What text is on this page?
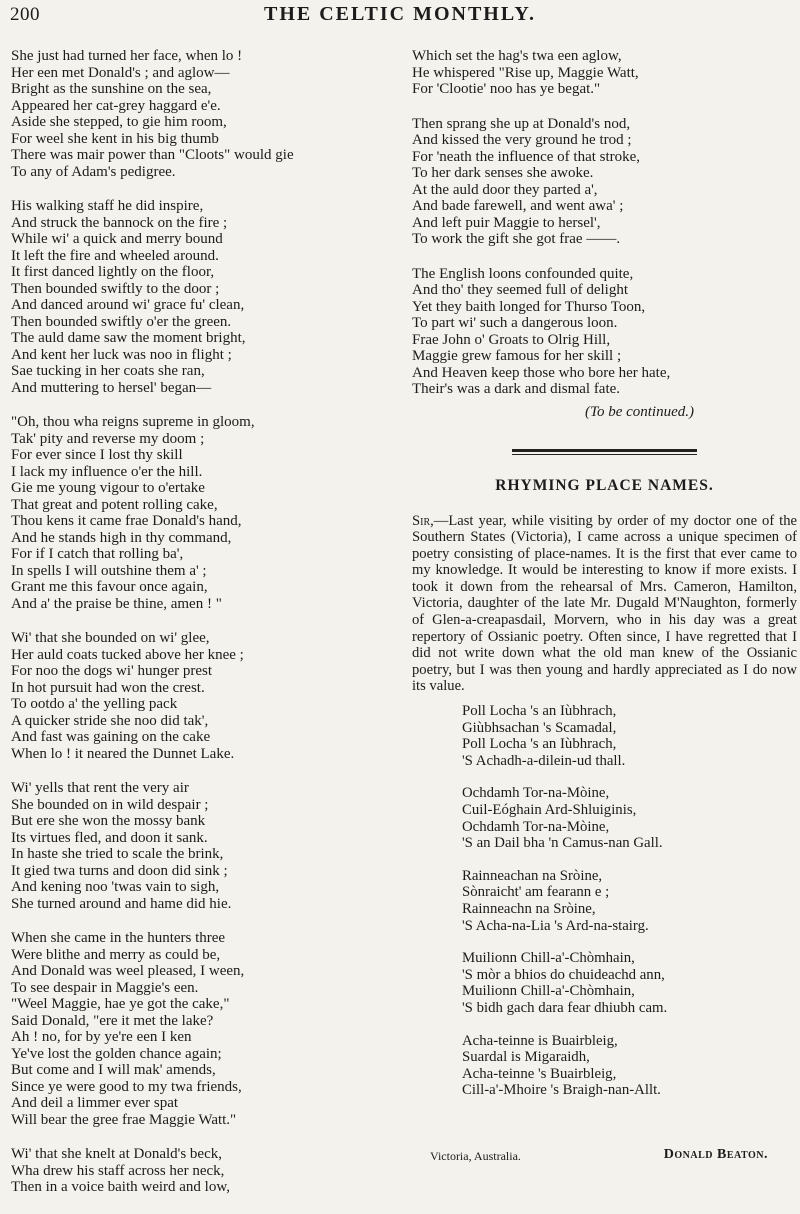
200	THE CELTIC MONTHLY.
She just had turned her face, when lo !
Her een met Donald's ; and aglow—
Bright as the sunshine on the sea,
Appeared her cat-grey haggard e'e.
Aside she stepped, to gie him room,
For weel she kent in his big thumb
There was mair power than "Cloots" would gie
To any of Adam's pedigree.
His walking staff he did inspire,
And struck the bannock on the fire ;
While wi' a quick and merry bound
It left the fire and wheeled around.
It first danced lightly on the floor,
Then bounded swiftly to the door ;
And danced around wi' grace fu' clean,
Then bounded swiftly o'er the green.
The auld dame saw the moment bright,
And kent her luck was noo in flight ;
Sae tucking in her coats she ran,
And muttering to hersel' began—
"Oh, thou wha reigns supreme in gloom,
Tak' pity and reverse my doom ;
For ever since I lost thy skill
I lack my influence o'er the hill.
Gie me young vigour to o'ertake
That great and potent rolling cake,
Thou kens it came frae Donald's hand,
And he stands high in thy command,
For if I catch that rolling ba',
In spells I will outshine them a' ;
Grant me this favour once again,
And a' the praise be thine, amen ! "
Wi' that she bounded on wi' glee,
Her auld coats tucked above her knee ;
For noo the dogs wi' hunger prest
In hot pursuit had won the crest.
To ootdo a' the yelling pack
A quicker stride she noo did tak',
And fast was gaining on the cake
When lo ! it neared the Dunnet Lake.
Wi' yells that rent the very air
She bounded on in wild despair ;
But ere she won the mossy bank
Its virtues fled, and doon it sank.
In haste she tried to scale the brink,
It gied twa turns and doon did sink ;
And kening noo 'twas vain to sigh,
She turned around and hame did hie.
When she came in the hunters three
Were blithe and merry as could be,
And Donald was weel pleased, I ween,
To see despair in Maggie's een.
"Weel Maggie, hae ye got the cake,"
Said Donald, "ere it met the lake?
Ah ! no, for by ye're een I ken
Ye've lost the golden chance again;
But come and I will mak' amends,
Since ye were good to my twa friends,
And deil a limmer ever spat
Will bear the gree frae Maggie Watt."
Wi' that she knelt at Donald's beck,
Wha drew his staff across her neck,
Then in a voice baith weird and low,
Which set the hag's twa een aglow,
He whispered "Rise up, Maggie Watt,
For 'Clootie' noo has ye begat."
Then sprang she up at Donald's nod,
And kissed the very ground he trod ;
For 'neath the influence of that stroke,
To her dark senses she awoke.
At the auld door they parted a',
And bade farewell, and went awa' ;
And left puir Maggie to hersel',
To work the gift she got frae ——.
The English loons confounded quite,
And tho' they seemed full of delight
Yet they baith longed for Thurso Toon,
To part wi' such a dangerous loon.
Frae John o' Groats to Olrig Hill,
Maggie grew famous for her skill ;
And Heaven keep those who bore her hate,
Their's was a dark and dismal fate.
(To be continued.)
RHYMING PLACE NAMES.
Sir,—Last year, while visiting by order of my doctor one of the Southern States (Victoria), I came across a unique specimen of poetry consisting of place-names. It is the first that ever came to my knowledge. It would be interesting to know if more exists. I took it down from the rehearsal of Mrs. Cameron, Hamilton, Victoria, daughter of the late Mr. Dugald M'Naughton, formerly of Glen-a-creapasdail, Morvern, who in his day was a great repertory of Ossianic poetry. Often since, I have regretted that I did not write down what the old man knew of the Ossianic poetry, but I was then young and hardly appreciated as I do now its value.
Poll Locha 's an Iùbhrach,
Giùbhsachan 's Scamadal,
Poll Locha 's an Iùbhrach,
'S Achadh-a-dilein-ud thall.
Ochdamh Tor-na-Mòine,
Cuil-Eóghain Ard-Shluiginis,
Ochdamh Tor-na-Mòine,
'S an Dail bha 'n Camus-nan Gall.
Rainneachan na Sròine,
Sònraicht' am fearann e ;
Rainneachn na Sròine,
'S Acha-na-Lia 's Ard-na-stairg.
Muilionn Chill-a'-Chòmhain,
'S mòr a bhios do chuideachd ann,
Muilionn Chill-a'-Chòmhain,
'S bidh gach dara fear dhiubh cam.
Acha-teinne is Buairbleig,
Suardal is Migaraidh,
Acha-teinne 's Buairbleig,
Cill-a'-Mhoire 's Braigh-nan-Allt.
Victoria, Australia.	Donald Beaton.
